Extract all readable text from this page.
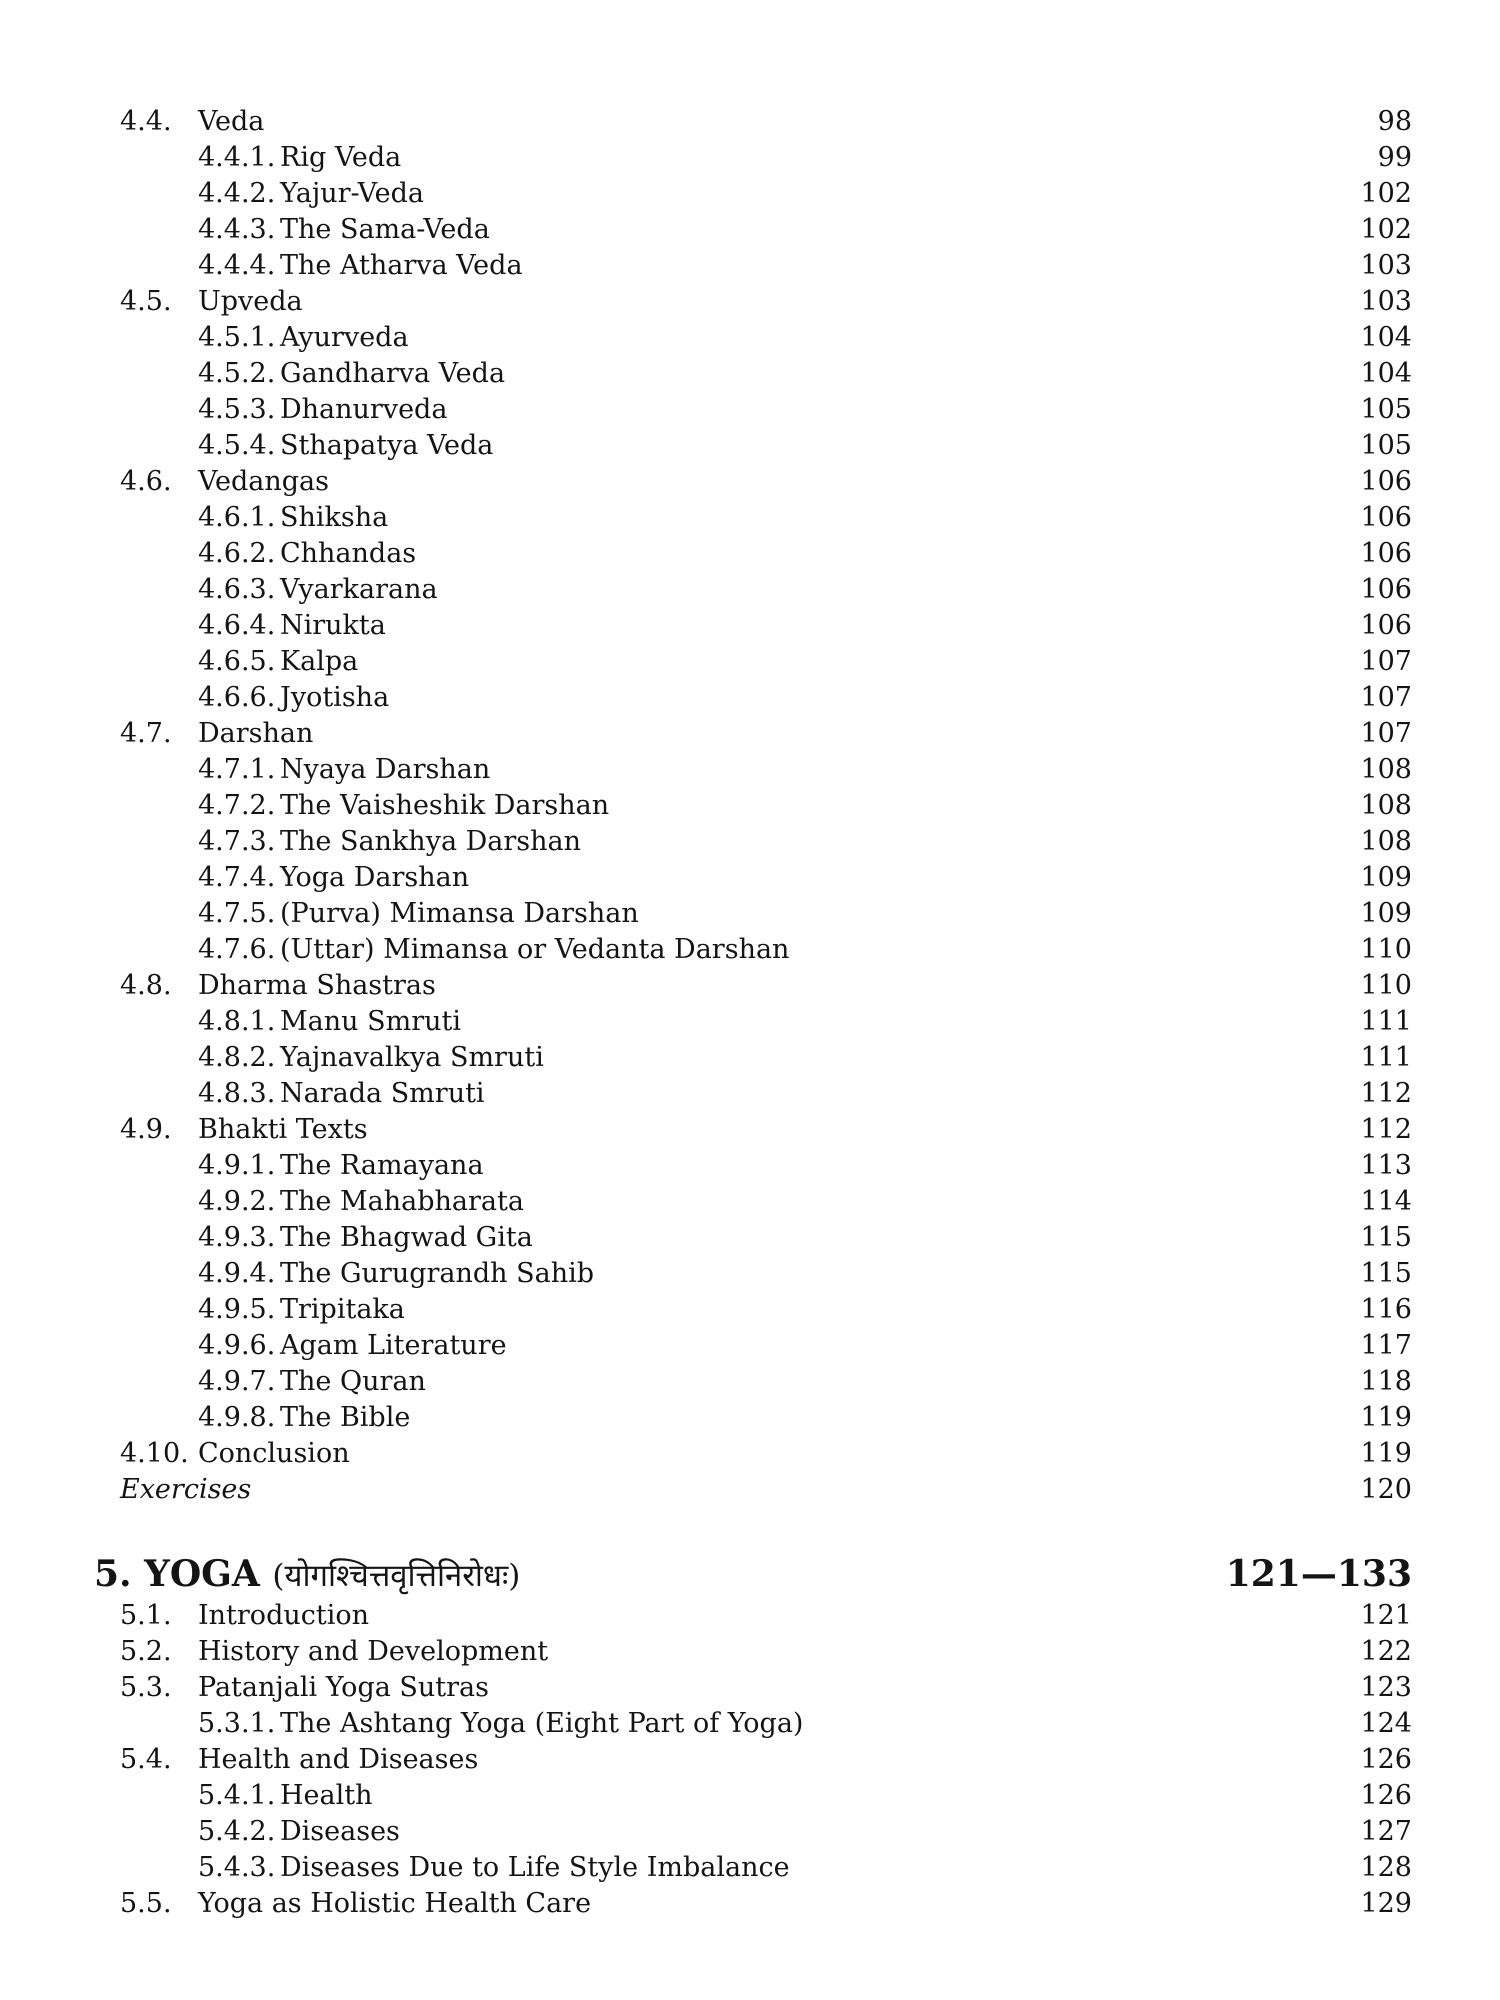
4.4. Veda	98
4.4.1. Rig Veda	99
4.4.2. Yajur-Veda	102
4.4.3. The Sama-Veda	102
4.4.4. The Atharva Veda	103
4.5. Upveda	103
4.5.1. Ayurveda	104
4.5.2. Gandharva Veda	104
4.5.3. Dhanurveda	105
4.5.4. Sthapatya Veda	105
4.6. Vedangas	106
4.6.1. Shiksha	106
4.6.2. Chhandas	106
4.6.3. Vyarkarana	106
4.6.4. Nirukta	106
4.6.5. Kalpa	107
4.6.6. Jyotisha	107
4.7. Darshan	107
4.7.1. Nyaya Darshan	108
4.7.2. The Vaisheshik Darshan	108
4.7.3. The Sankhya Darshan	108
4.7.4. Yoga Darshan	109
4.7.5. (Purva) Mimansa Darshan	109
4.7.6. (Uttar) Mimansa or Vedanta Darshan	110
4.8. Dharma Shastras	110
4.8.1. Manu Smruti	111
4.8.2. Yajnavalkya Smruti	111
4.8.3. Narada Smruti	112
4.9. Bhakti Texts	112
4.9.1. The Ramayana	113
4.9.2. The Mahabharata	114
4.9.3. The Bhagwad Gita	115
4.9.4. The Gurugrandh Sahib	115
4.9.5. Tripitaka	116
4.9.6. Agam Literature	117
4.9.7. The Quran	118
4.9.8. The Bible	119
4.10. Conclusion	119
Exercises	120
5. YOGA (योगश्चित्तवृत्तिनिरोधः)	121—133
5.1. Introduction	121
5.2. History and Development	122
5.3. Patanjali Yoga Sutras	123
5.3.1. The Ashtang Yoga (Eight Part of Yoga)	124
5.4. Health and Diseases	126
5.4.1. Health	126
5.4.2. Diseases	127
5.4.3. Diseases Due to Life Style Imbalance	128
5.5. Yoga as Holistic Health Care	129
